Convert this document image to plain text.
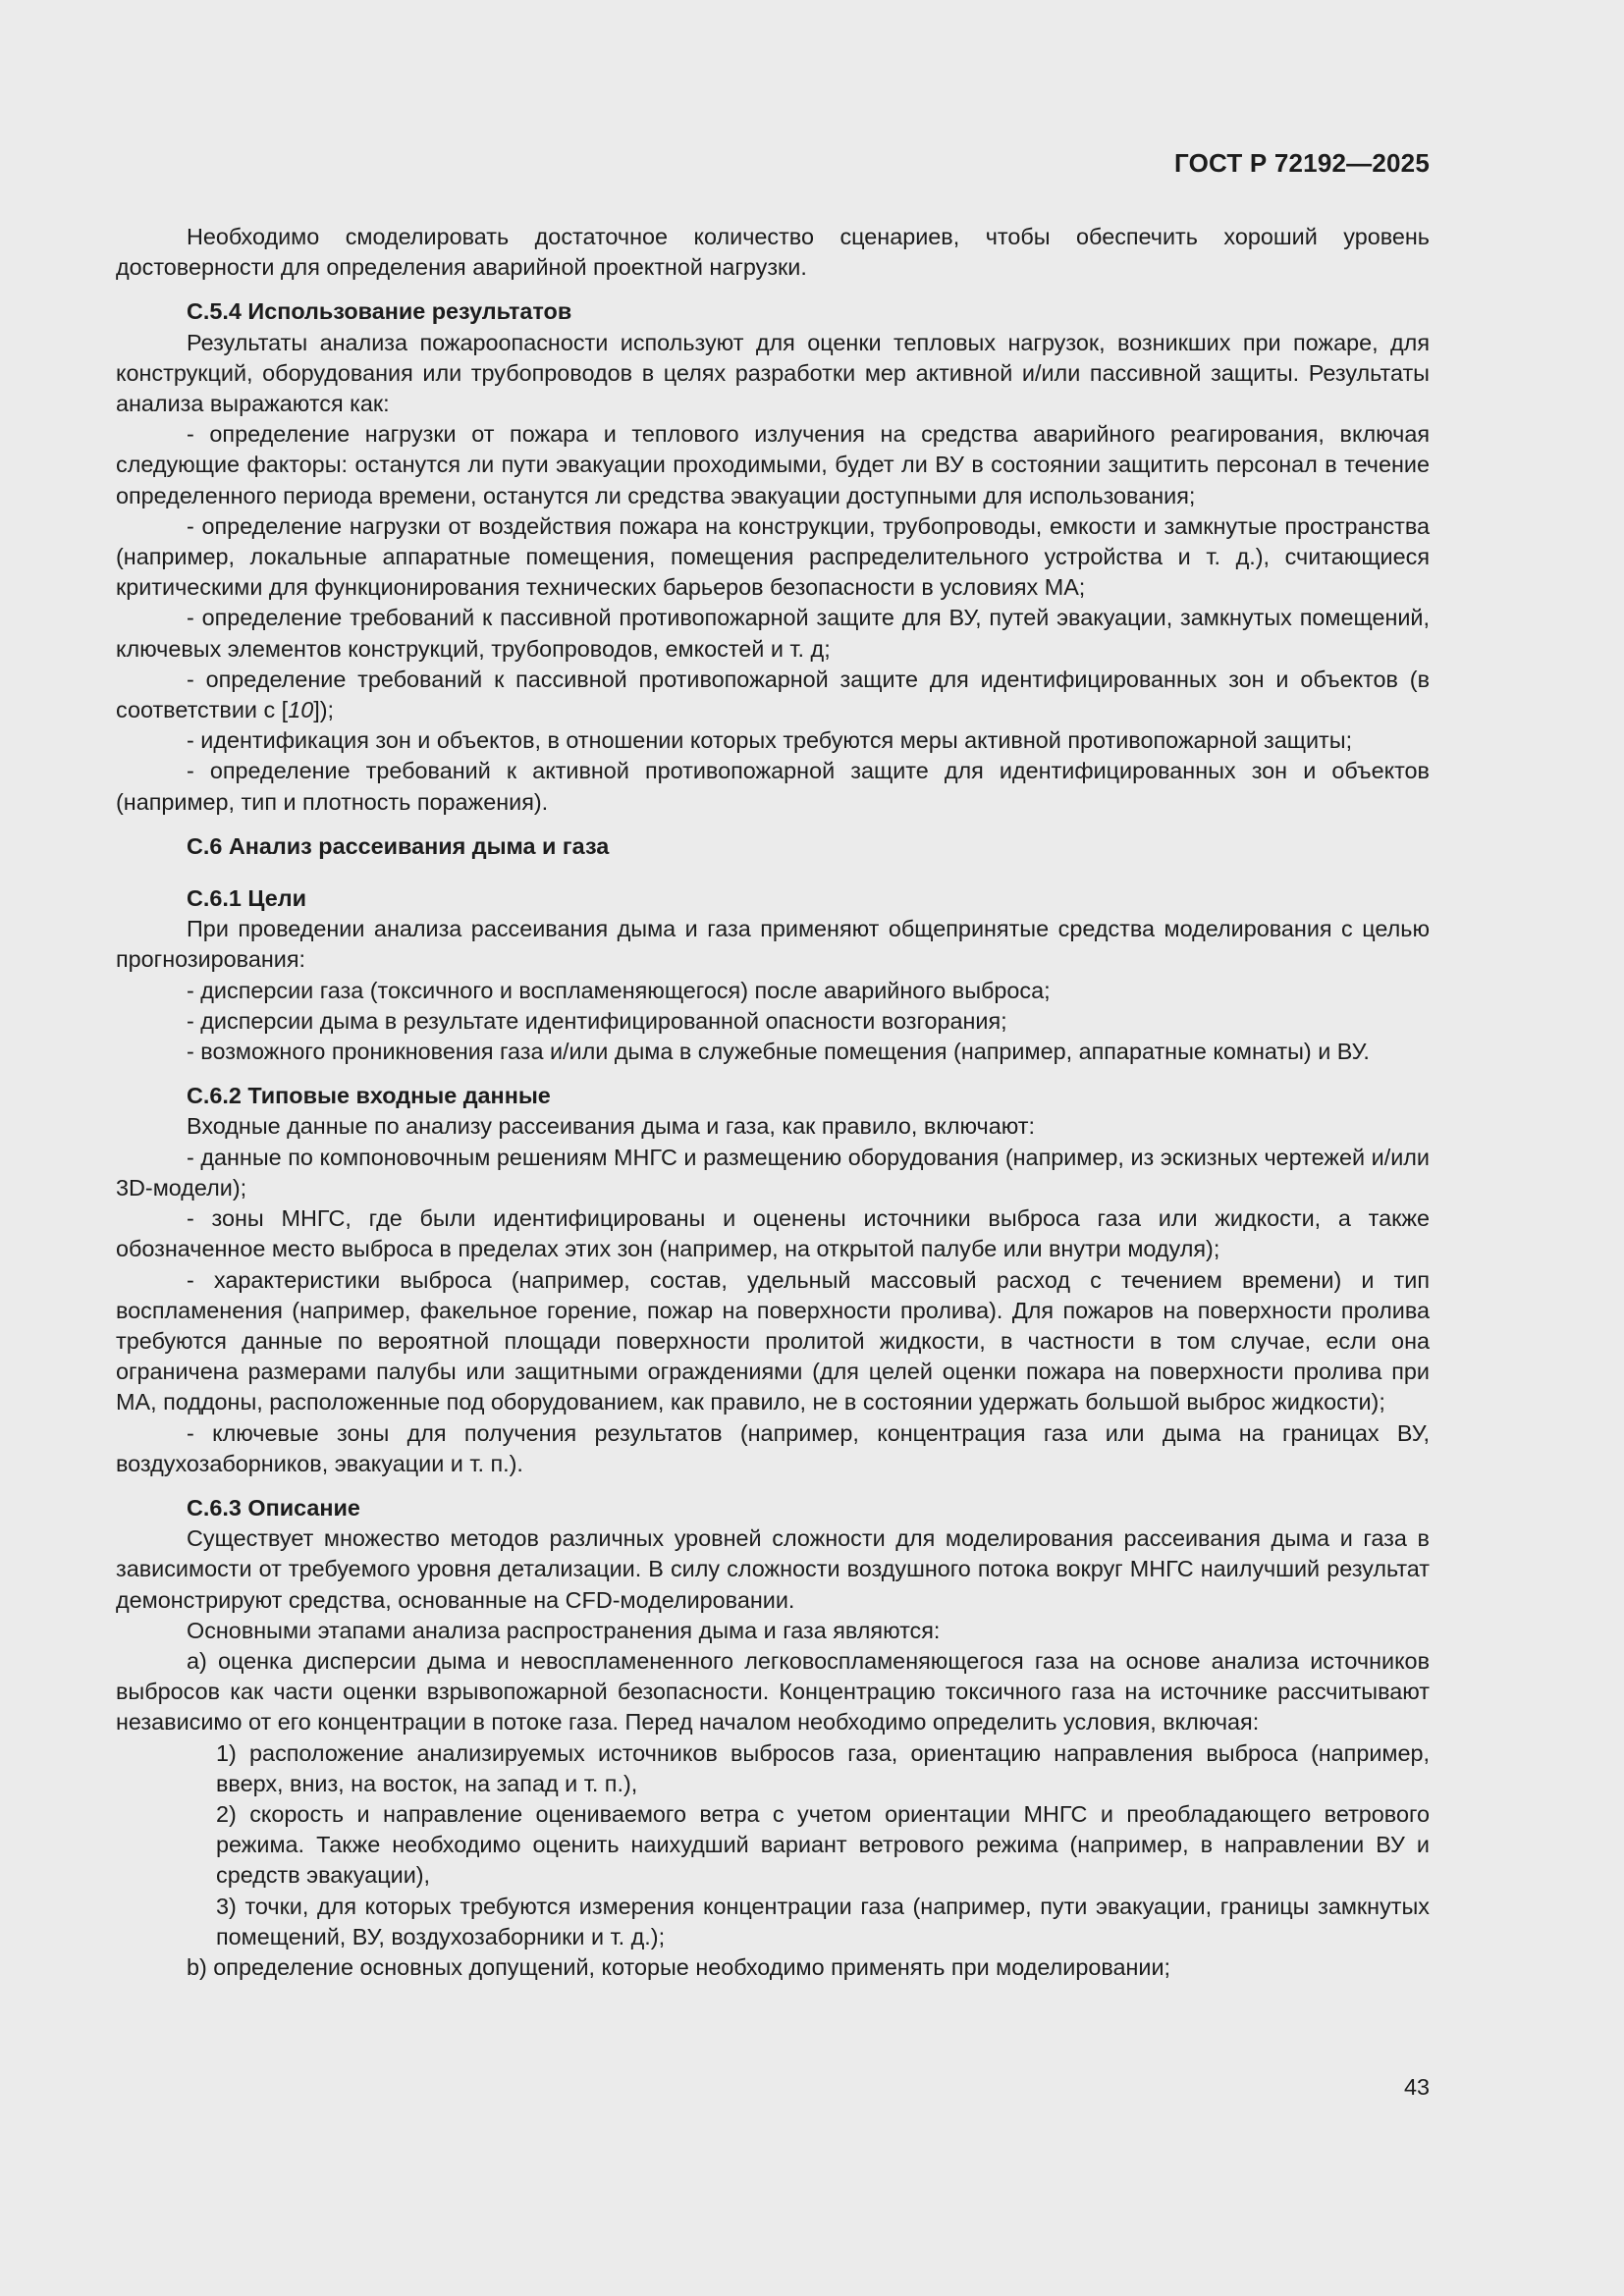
ГОСТ Р 72192—2025

Необходимо смоделировать достаточное количество сценариев, чтобы обеспечить хороший уровень достоверности для определения аварийной проектной нагрузки.

С.5.4 Использование результатов

Результаты анализа пожароопасности используют для оценки тепловых нагрузок, возникших при пожаре, для конструкций, оборудования или трубопроводов в целях разработки мер активной и/или пассивной защиты. Результаты анализа выражаются как:

- определение нагрузки от пожара и теплового излучения на средства аварийного реагирования, включая следующие факторы: останутся ли пути эвакуации проходимыми, будет ли ВУ в состоянии защитить персонал в течение определенного периода времени, останутся ли средства эвакуации доступными для использования;

- определение нагрузки от воздействия пожара на конструкции, трубопроводы, емкости и замкнутые пространства (например, локальные аппаратные помещения, помещения распределительного устройства и т. д.), считающиеся критическими для функционирования технических барьеров безопасности в условиях МА;

- определение требований к пассивной противопожарной защите для ВУ, путей эвакуации, замкнутых помещений, ключевых элементов конструкций, трубопроводов, емкостей и т. д;

- определение требований к пассивной противопожарной защите для идентифицированных зон и объектов (в соответствии с [10]);

- идентификация зон и объектов, в отношении которых требуются меры активной противопожарной защиты;

- определение требований к активной противопожарной защите для идентифицированных зон и объектов (например, тип и плотность поражения).

С.6 Анализ рассеивания дыма и газа
С.6.1 Цели

При проведении анализа рассеивания дыма и газа применяют общепринятые средства моделирования с целью прогнозирования:

- дисперсии газа (токсичного и воспламеняющегося) после аварийного выброса;

- дисперсии дыма в результате идентифицированной опасности возгорания;

- возможного проникновения газа и/или дыма в служебные помещения (например, аппаратные комнаты) и ВУ.

С.6.2 Типовые входные данные

Входные данные по анализу рассеивания дыма и газа, как правило, включают:

- данные по компоновочным решениям МНГС и размещению оборудования (например, из эскизных чертежей и/или 3D-модели);

- зоны МНГС, где были идентифицированы и оценены источники выброса газа или жидкости, а также обозначенное место выброса в пределах этих зон (например, на открытой палубе или внутри модуля);

- характеристики выброса (например, состав, удельный массовый расход с течением времени) и тип воспламенения (например, факельное горение, пожар на поверхности пролива). Для пожаров на поверхности пролива требуются данные по вероятной площади поверхности пролитой жидкости, в частности в том случае, если она ограничена размерами палубы или защитными ограждениями (для целей оценки пожара на поверхности пролива при МА, поддоны, расположенные под оборудованием, как правило, не в состоянии удержать большой выброс жидкости);

- ключевые зоны для получения результатов (например, концентрация газа или дыма на границах ВУ, воздухозаборников, эвакуации и т. п.).

С.6.3 Описание

Существует множество методов различных уровней сложности для моделирования рассеивания дыма и газа в зависимости от требуемого уровня детализации. В силу сложности воздушного потока вокруг МНГС наилучший результат демонстрируют средства, основанные на CFD-моделировании.

Основными этапами анализа распространения дыма и газа являются:

а) оценка дисперсии дыма и невоспламененного легковоспламеняющегося газа на основе анализа источников выбросов как части оценки взрывопожарной безопасности. Концентрацию токсичного газа на источнике рассчитывают независимо от его концентрации в потоке газа. Перед началом необходимо определить условия, включая:

1) расположение анализируемых источников выбросов газа, ориентацию направления выброса (например, вверх, вниз, на восток, на запад и т. п.),

2) скорость и направление оцениваемого ветра с учетом ориентации МНГС и преобладающего ветрового режима. Также необходимо оценить наихудший вариант ветрового режима (например, в направлении ВУ и средств эвакуации),

3) точки, для которых требуются измерения концентрации газа (например, пути эвакуации, границы замкнутых помещений, ВУ, воздухозаборники и т. д.);

b) определение основных допущений, которые необходимо применять при моделировании;

43
